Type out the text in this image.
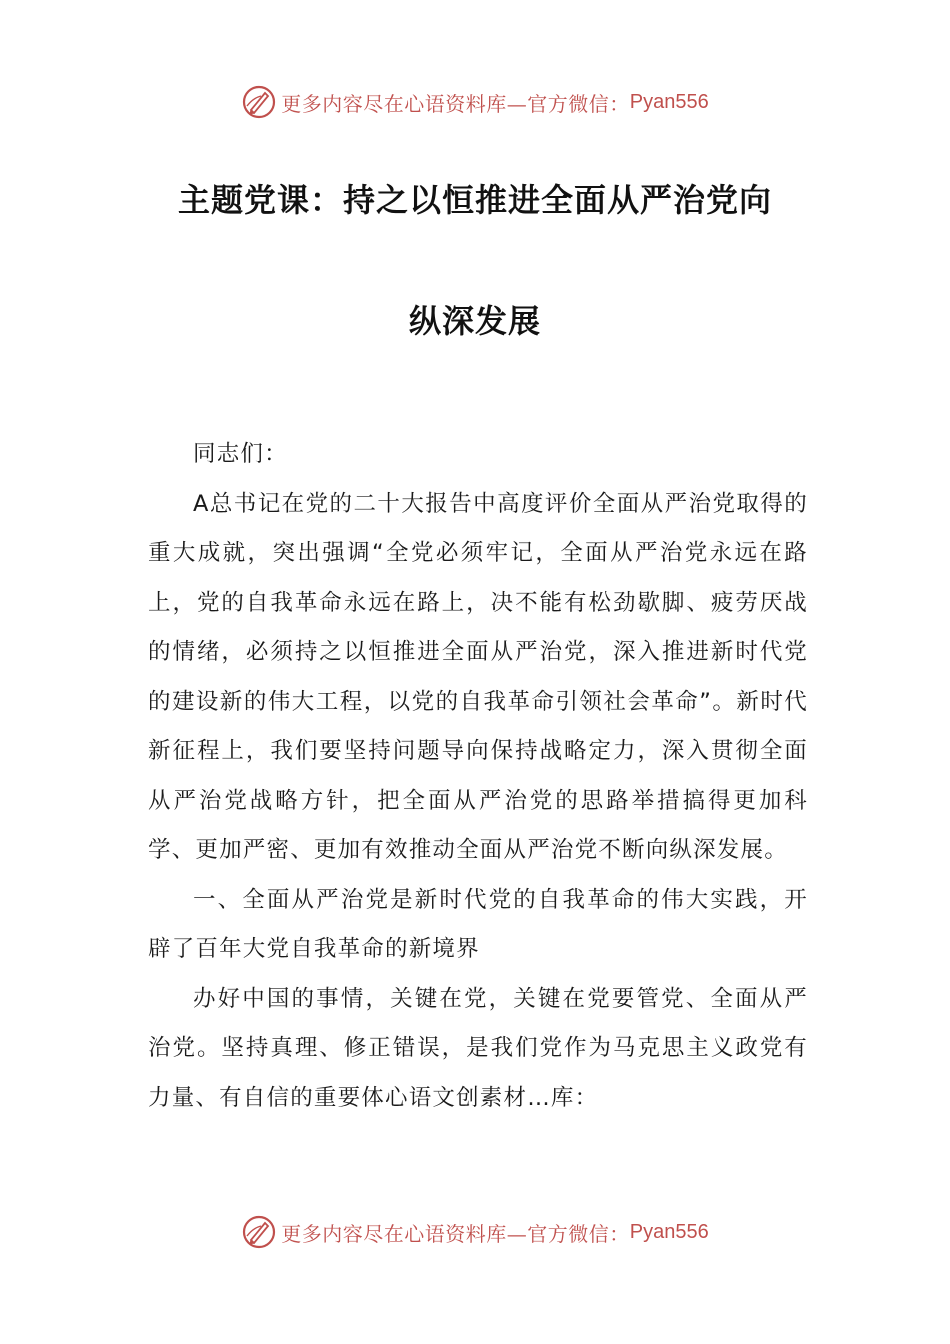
更多内容尽在心语资料库—官方微信： Pyan556
主题党课：持之以恒推进全面从严治党向
纵深发展

同志们：

A总书记在党的二十大报告中高度评价全面从严治党取得的重大成就，突出强调“全党必须牢记，全面从严治党永远在路上，党的自我革命永远在路上，决不能有松劲歇脚、疲劳厌战的情绪，必须持之以恒推进全面从严治党，深入推进新时代党的建设新的伟大工程，以党的自我革命引领社会革命”。新时代新征程上，我们要坚持问题导向保持战略定力，深入贯彻全面从严治党战略方针，把全面从严治党的思路举措搞得更加科学、更加严密、更加有效推动全面从严治党不断向纵深发展。

一、全面从严治党是新时代党的自我革命的伟大实践，开辟了百年大党自我革命的新境界

办好中国的事情，关键在党，关键在党要管党、全面从严治党。坚持真理、修正错误，是我们党作为马克思主义政党有力量、有自信的重要体心语文创素材…库：

更多内容尽在心语资料库—官方微信： Pyan556
